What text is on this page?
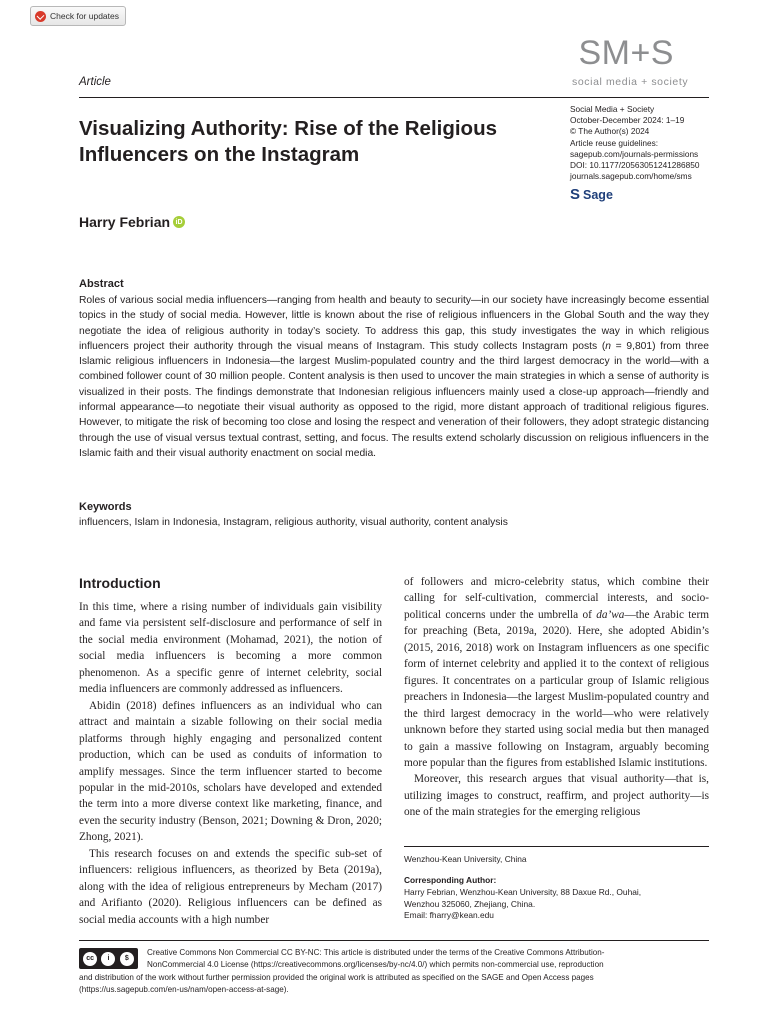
Check for updates
SM+S
social media + society
Article
Social Media + Society
October-December 2024: 1–19
© The Author(s) 2024
Article reuse guidelines:
sagepub.com/journals-permissions
DOI: 10.1177/20563051241286850
journals.sagepub.com/home/sms
S Sage
Visualizing Authority: Rise of the Religious Influencers on the Instagram
Harry Febrian iD
Abstract
Roles of various social media influencers—ranging from health and beauty to security—in our society have increasingly become essential topics in the study of social media. However, little is known about the rise of religious influencers in the Global South and the way they negotiate the idea of religious authority in today’s society. To address this gap, this study investigates the way in which religious influencers project their authority through the visual means of Instagram. This study collects Instagram posts (n = 9,801) from three Islamic religious influencers in Indonesia—the largest Muslim-populated country and the third largest democracy in the world—with a combined follower count of 30 million people. Content analysis is then used to uncover the main strategies in which a sense of authority is visualized in their posts. The findings demonstrate that Indonesian religious influencers mainly used a close-up approach—friendly and informal appearance—to negotiate their visual authority as opposed to the rigid, more distant approach of traditional religious figures. However, to mitigate the risk of becoming too close and losing the respect and veneration of their followers, they adopt strategic distancing through the use of visual versus textual contrast, setting, and focus. The results extend scholarly discussion on religious influencers in the Islamic faith and their visual authority enactment on social media.
Keywords
influencers, Islam in Indonesia, Instagram, religious authority, visual authority, content analysis
Introduction

In this time, where a rising number of individuals gain visibility and fame via persistent self-disclosure and performance of self in the social media environment (Mohamad, 2021), the notion of social media influencers is becoming a more common phenomenon. As a specific genre of internet celebrity, social media influencers are commonly addressed as influencers.

Abidin (2018) defines influencers as an individual who can attract and maintain a sizable following on their social media platforms through highly engaging and personalized content production, which can be used as conduits of information to amplify messages. Since the term influencer started to become popular in the mid-2010s, scholars have developed and extended the term into a more diverse context like marketing, finance, and even the security industry (Benson, 2021; Downing & Dron, 2020; Zhong, 2021).

This research focuses on and extends the specific sub-set of influencers: religious influencers, as theorized by Beta (2019a), along with the idea of religious entrepreneurs by Mecham (2017) and Arifianto (2020). Religious influencers can be defined as social media accounts with a high number

of followers and micro-celebrity status, which combine their calling for self-cultivation, commercial interests, and socio-political concerns under the umbrella of da’wa—the Arabic term for preaching (Beta, 2019a, 2020). Here, she adopted Abidin’s (2015, 2016, 2018) work on Instagram influencers as one specific form of internet celebrity and applied it to the context of religious figures. It concentrates on a particular group of Islamic religious preachers in Indonesia—the largest Muslim-populated country and the third largest democracy in the world—who were relatively unknown before they started using social media but then managed to gain a massive following on Instagram, arguably becoming more popular than the figures from established Islamic institutions.

Moreover, this research argues that visual authority—that is, utilizing images to construct, reaffirm, and project authority—is one of the main strategies for the emerging religious

Wenzhou-Kean University, China
Corresponding Author:
Harry Febrian, Wenzhou-Kean University, 88 Daxue Rd., Ouhai,
Wenzhou 325060, Zhejiang, China.
Email: fharry@kean.edu
cc	i	$
Creative Commons Non Commercial CC BY-NC: This article is distributed under the terms of the Creative Commons Attribution-
NonCommercial 4.0 License (https://creativecommons.org/licenses/by-nc/4.0/) which permits non-commercial use, reproduction
and distribution of the work without further permission provided the original work is attributed as specified on the SAGE and Open Access pages
(https://us.sagepub.com/en-us/nam/open-access-at-sage).
